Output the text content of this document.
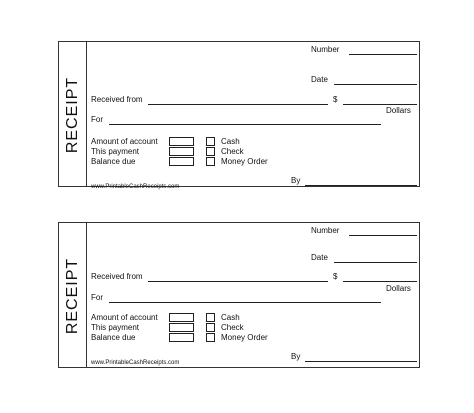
RECEIPT
Number
Date
Received from	$
Dollars
For
Amount of account
This payment
Balance due
Cash
Check
Money Order
By
www.PrintableCashReceipts.com
RECEIPT
Number
Date
Received from	$
Dollars
For
Amount of account
This payment
Balance due
Cash
Check
Money Order
By
www.PrintableCashReceipts.com
